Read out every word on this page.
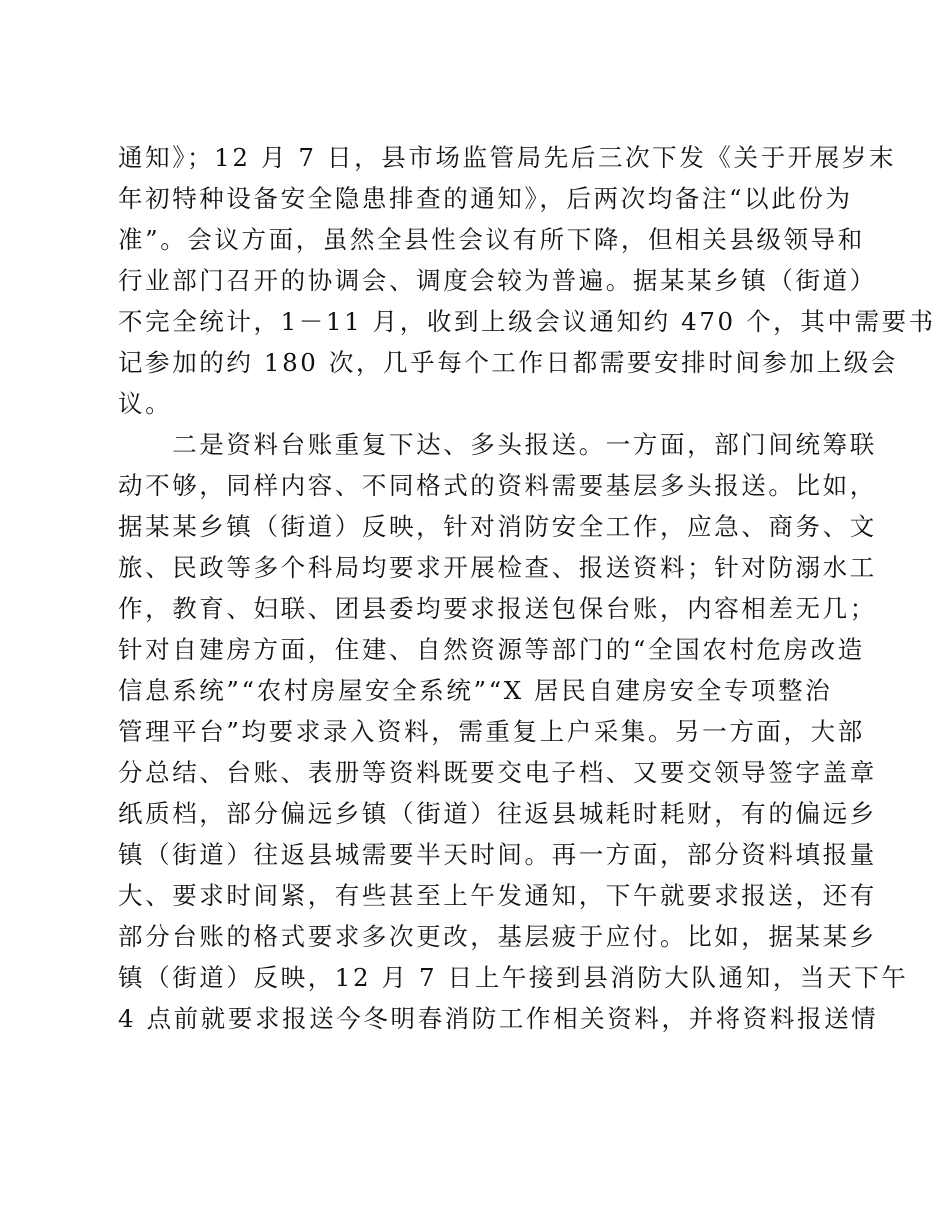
通知》；12 月 7 日，县市场监管局先后三次下发《关于开展岁末
年初特种设备安全隐患排查的通知》，后两次均备注“以此份为
准”。会议方面，虽然全县性会议有所下降，但相关县级领导和
行业部门召开的协调会、调度会较为普遍。据某某乡镇（街道）
不完全统计，1－11 月，收到上级会议通知约 470 个，其中需要书
记参加的约 180 次，几乎每个工作日都需要安排时间参加上级会
议。
　　二是资料台账重复下达、多头报送。一方面，部门间统筹联
动不够，同样内容、不同格式的资料需要基层多头报送。比如，
据某某乡镇（街道）反映，针对消防安全工作，应急、商务、文
旅、民政等多个科局均要求开展检查、报送资料；针对防溺水工
作，教育、妇联、团县委均要求报送包保台账，内容相差无几；
针对自建房方面，住建、自然资源等部门的“全国农村危房改造
信息系统”“农村房屋安全系统”“X 居民自建房安全专项整治
管理平台”均要求录入资料，需重复上户采集。另一方面，大部
分总结、台账、表册等资料既要交电子档、又要交领导签字盖章
纸质档，部分偏远乡镇（街道）往返县城耗时耗财，有的偏远乡
镇（街道）往返县城需要半天时间。再一方面，部分资料填报量
大、要求时间紧，有些甚至上午发通知，下午就要求报送，还有
部分台账的格式要求多次更改，基层疲于应付。比如，据某某乡
镇（街道）反映，12 月 7 日上午接到县消防大队通知，当天下午
4 点前就要求报送今冬明春消防工作相关资料，并将资料报送情
